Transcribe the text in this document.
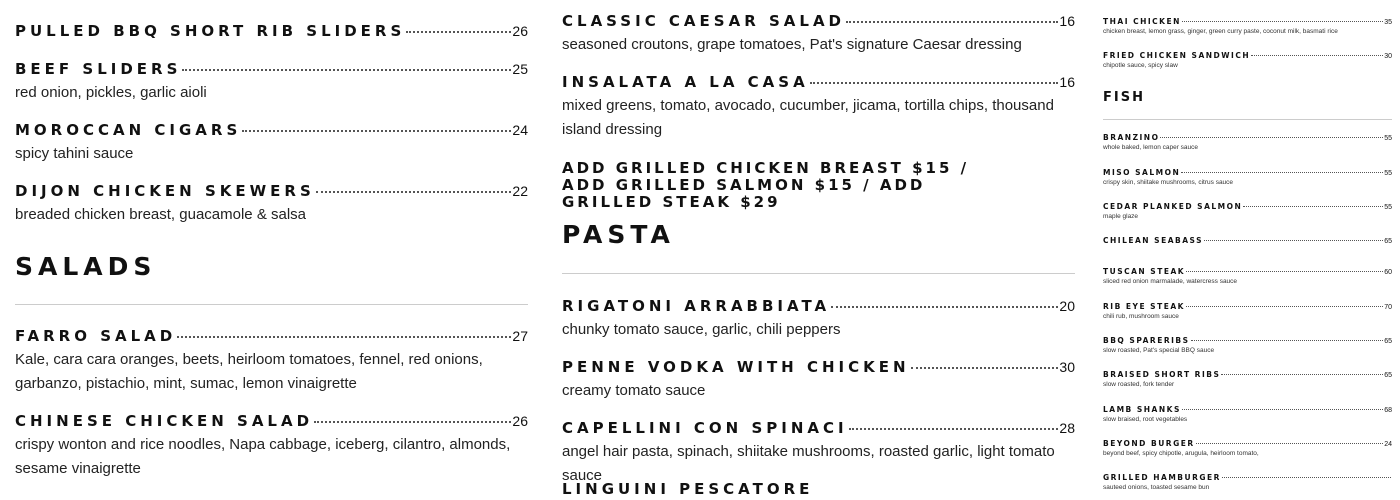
PULLED BBQ SHORT RIB SLIDERS	26
BEEF SLIDERS	25
red onion, pickles, garlic aioli
MOROCCAN CIGARS	24
spicy tahini sauce
DIJON CHICKEN SKEWERS	22
breaded chicken breast, guacamole & salsa
SALADS
FARRO SALAD	27
Kale, cara cara oranges, beets, heirloom tomatoes, fennel, red onions, garbanzo, pistachio, mint, sumac, lemon vinaigrette
CHINESE CHICKEN SALAD	26
crispy wonton and rice noodles, Napa cabbage, iceberg, cilantro, almonds, sesame vinaigrette
CLASSIC CAESAR SALAD	16
seasoned croutons, grape tomatoes, Pat's signature Caesar dressing
INSALATA A LA CASA	16
mixed greens, tomato, avocado, cucumber, jicama, tortilla chips, thousand island dressing
ADD GRILLED CHICKEN BREAST $15 / ADD GRILLED SALMON $15 / ADD GRILLED STEAK $29
PASTA
RIGATONI ARRABBIATA	20
chunky tomato sauce, garlic, chili peppers
PENNE VODKA WITH CHICKEN	30
creamy tomato sauce
CAPELLINI CON SPINACI	28
angel hair pasta, spinach, shiitake mushrooms, roasted garlic, light tomato sauce
LINGUINI PESCATORE
THAI CHICKEN	35
chicken breast, lemon grass, ginger, green curry paste, coconut milk, basmati rice
FRIED CHICKEN SANDWICH	30
chipotle sauce, spicy slaw
FISH
BRANZINO	55
whole baked, lemon caper sauce
MISO SALMON	55
crispy skin, shiitake mushrooms, citrus sauce
CEDAR PLANKED SALMON	55
maple glaze
CHILEAN SEABASS	65
TUSCAN STEAK	60
sliced red onion marmalade, watercress sauce
RIB EYE STEAK	70
chili rub, mushroom sauce
BBQ SPARERIBS	65
slow roasted, Pat's special BBQ sauce
BRAISED SHORT RIBS	65
slow roasted, fork tender
LAMB SHANKS	68
slow braised, root vegetables
BEYOND BURGER	24
beyond beef, spicy chipotle, arugula, heirloom tomato,
GRILLED HAMBURGER
sauteed onions, toasted sesame bun
